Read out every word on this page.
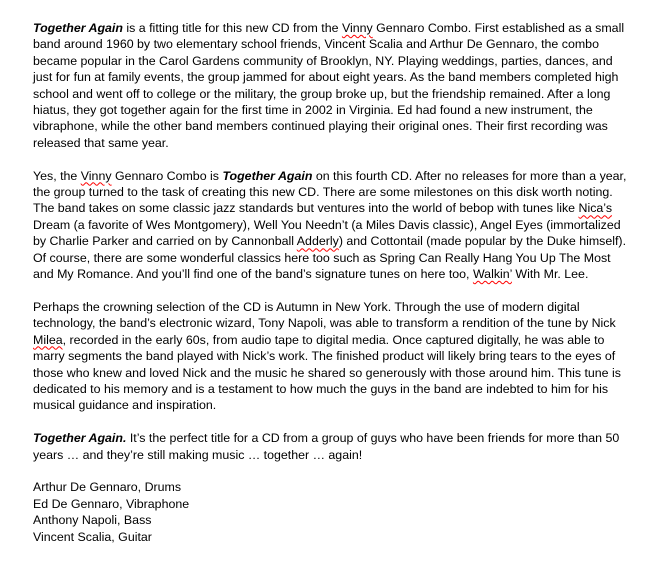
Together Again is a fitting title for this new CD from the Vinny Gennaro Combo. First established as a small band around 1960 by two elementary school friends, Vincent Scalia and Arthur De Gennaro, the combo became popular in the Carol Gardens community of Brooklyn, NY. Playing weddings, parties, dances, and just for fun at family events, the group jammed for about eight years. As the band members completed high school and went off to college or the military, the group broke up, but the friendship remained. After a long hiatus, they got together again for the first time in 2002 in Virginia. Ed had found a new instrument, the vibraphone, while the other band members continued playing their original ones. Their first recording was released that same year.

Yes, the Vinny Gennaro Combo is Together Again on this fourth CD. After no releases for more than a year, the group turned to the task of creating this new CD. There are some milestones on this disk worth noting. The band takes on some classic jazz standards but ventures into the world of bebop with tunes like Nica’s Dream (a favorite of Wes Montgomery), Well You Needn’t (a Miles Davis classic), Angel Eyes (immortalized by Charlie Parker and carried on by Cannonball Adderly) and Cottontail (made popular by the Duke himself). Of course, there are some wonderful classics here too such as Spring Can Really Hang You Up The Most and My Romance. And you’ll find one of the band’s signature tunes on here too, Walkin’ With Mr. Lee.

Perhaps the crowning selection of the CD is Autumn in New York. Through the use of modern digital technology, the band’s electronic wizard, Tony Napoli, was able to transform a rendition of the tune by Nick Milea, recorded in the early 60s, from audio tape to digital media. Once captured digitally, he was able to marry segments the band played with Nick’s work. The finished product will likely bring tears to the eyes of those who knew and loved Nick and the music he shared so generously with those around him. This tune is dedicated to his memory and is a testament to how much the guys in the band are indebted to him for his musical guidance and inspiration.

Together Again. It’s the perfect title for a CD from a group of guys who have been friends for more than 50 years … and they’re still making music … together … again!

Arthur De Gennaro, Drums
Ed De Gennaro, Vibraphone
Anthony Napoli, Bass
Vincent Scalia, Guitar
